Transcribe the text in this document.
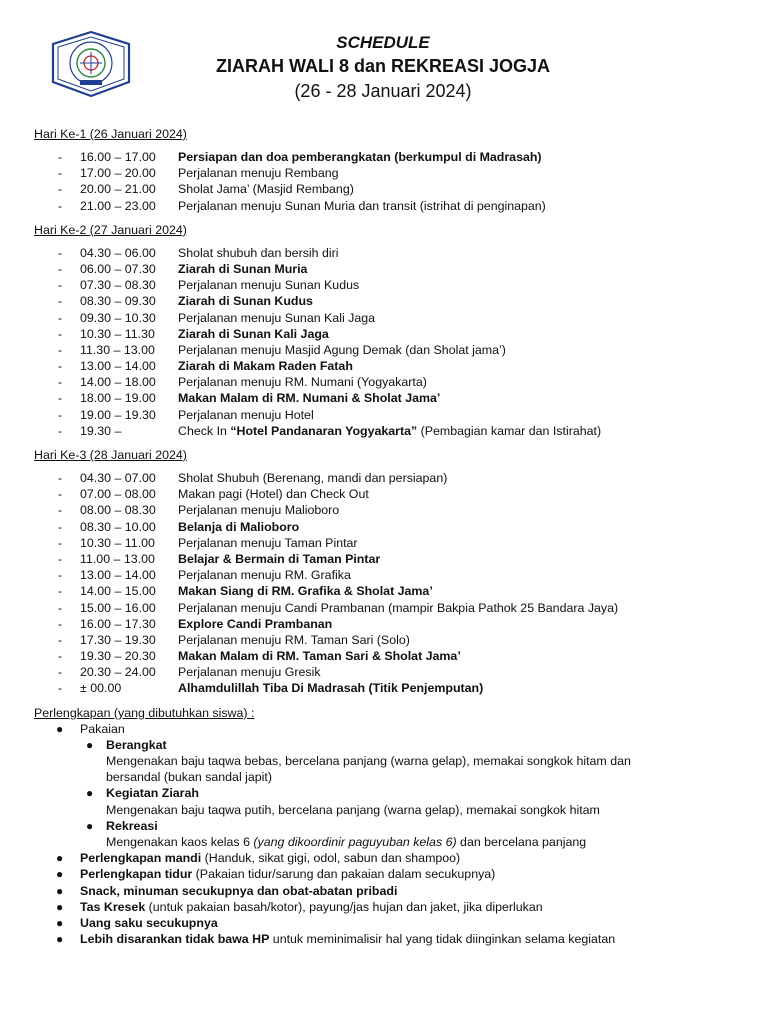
SCHEDULE
ZIARAH WALI 8 dan REKREASI JOGJA
(26 - 28 Januari 2024)
Hari Ke-1 (26 Januari 2024)
-	16.00 – 17.00	Persiapan dan doa pemberangkatan (berkumpul di Madrasah)
-	17.00 – 20.00	Perjalanan menuju Rembang
-	20.00 – 21.00	Sholat Jama’ (Masjid Rembang)
-	21.00 – 23.00	Perjalanan menuju Sunan Muria dan transit (istrihat di penginapan)
Hari Ke-2 (27 Januari 2024)
-	04.30 – 06.00	Sholat shubuh dan bersih diri
-	06.00 – 07.30	Ziarah di Sunan Muria
-	07.30 – 08.30	Perjalanan menuju Sunan Kudus
-	08.30 – 09.30	Ziarah di Sunan Kudus
-	09.30 – 10.30	Perjalanan menuju Sunan Kali Jaga
-	10.30 – 11.30	Ziarah di Sunan Kali Jaga
-	11.30 – 13.00	Perjalanan menuju Masjid Agung Demak (dan Sholat jama’)
-	13.00 – 14.00	Ziarah di Makam Raden Fatah
-	14.00 – 18.00	Perjalanan menuju RM. Numani (Yogyakarta)
-	18.00 – 19.00	Makan Malam di RM. Numani & Sholat Jama’
-	19.00 – 19.30	Perjalanan menuju Hotel
-	19.30 –	Check In “Hotel Pandanaran Yogyakarta” (Pembagian kamar dan Istirahat)
Hari Ke-3 (28 Januari 2024)
-	04.30 – 07.00	Sholat Shubuh (Berenang, mandi dan persiapan)
-	07.00 – 08.00	Makan pagi (Hotel) dan Check Out
-	08.00 – 08.30	Perjalanan menuju Malioboro
-	08.30 – 10.00	Belanja di Malioboro
-	10.30 – 11.00	Perjalanan menuju Taman Pintar
-	11.00 – 13.00	Belajar & Bermain di Taman Pintar
-	13.00 – 14.00	Perjalanan menuju RM. Grafika
-	14.00 – 15.00	Makan Siang di RM. Grafika & Sholat Jama’
-	15.00 – 16.00	Perjalanan menuju Candi Prambanan (mampir Bakpia Pathok 25 Bandara Jaya)
-	16.00 – 17.30	Explore Candi Prambanan
-	17.30 – 19.30	Perjalanan menuju RM. Taman Sari (Solo)
-	19.30 – 20.30	Makan Malam di RM. Taman Sari & Sholat Jama’
-	20.30 – 24.00	Perjalanan menuju Gresik
-	± 00.00	Alhamdulillah Tiba Di Madrasah (Titik Penjemputan)
Perlengkapan (yang dibutuhkan siswa) :
●	Pakaian
●	Berangkat
Mengenakan baju taqwa bebas, bercelana panjang (warna gelap), memakai songkok hitam dan
bersandal (bukan sandal japit)
●	Kegiatan Ziarah
Mengenakan baju taqwa putih, bercelana panjang (warna gelap), memakai songkok hitam
●	Rekreasi
Mengenakan kaos kelas 6 (yang dikoordinir paguyuban kelas 6) dan bercelana panjang
●	Perlengkapan mandi (Handuk, sikat gigi, odol, sabun dan shampoo)
●	Perlengkapan tidur (Pakaian tidur/sarung dan pakaian dalam secukupnya)
●	Snack, minuman secukupnya dan obat-abatan pribadi
●	Tas Kresek (untuk pakaian basah/kotor), payung/jas hujan dan jaket, jika diperlukan
●	Uang saku secukupnya
●	Lebih disarankan tidak bawa HP untuk meminimalisir hal yang tidak diinginkan selama kegiatan
